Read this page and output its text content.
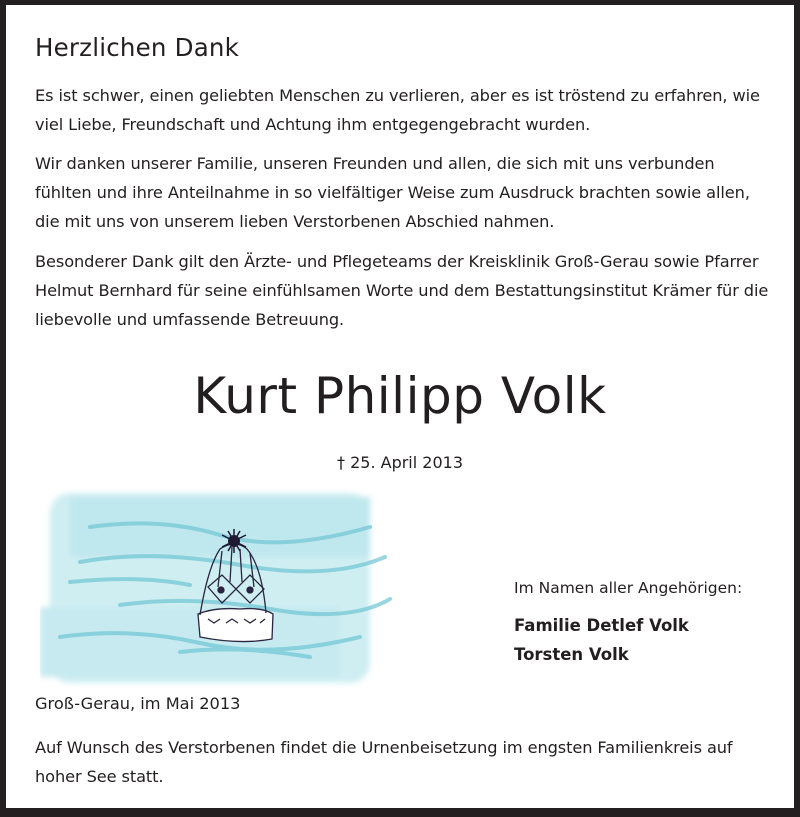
Herzlichen Dank
Es ist schwer, einen geliebten Menschen zu verlieren, aber es ist tröstend zu erfahren, wie viel Liebe, Freundschaft und Achtung ihm entgegengebracht wurden.
Wir danken unserer Familie, unseren Freunden und allen, die sich mit uns verbunden fühlten und ihre Anteilnahme in so vielfältiger Weise zum Ausdruck brachten sowie allen, die mit uns von unserem lieben Verstorbenen Abschied nahmen.
Besonderer Dank gilt den Ärzte- und Pflegeteams der Kreisklinik Groß-Gerau sowie Pfarrer Helmut Bernhard für seine einfühlsamen Worte und dem Bestattungsinstitut Krämer für die liebevolle und umfassende Betreuung.
Kurt Philipp Volk
† 25. April 2013
Im Namen aller Angehörigen:
Familie Detlef Volk
Torsten Volk
Groß-Gerau, im Mai 2013
Auf Wunsch des Verstorbenen findet die Urnenbeisetzung im engsten Familienkreis auf hoher See statt.
